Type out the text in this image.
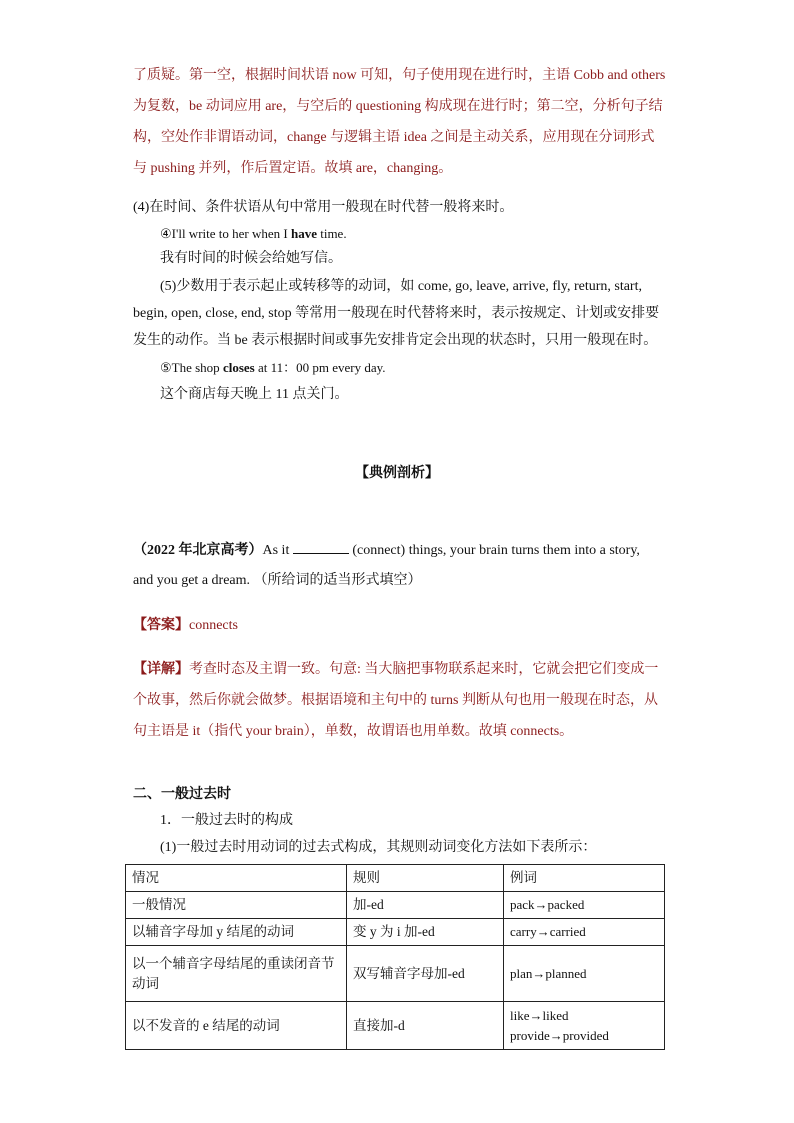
了质疑。第一空，根据时间状语 now 可知，句子使用现在进行时，主语 Cobb and others
为复数，be 动词应用 are，与空后的 questioning 构成现在进行时；第二空，分析句子结
构，空处作非谓语动词，change 与逻辑主语 idea 之间是主动关系，应用现在分词形式
与 pushing 并列，作后置定语。故填 are，changing。
(4)在时间、条件状语从句中常用一般现在时代替一般将来时。
④I'll write to her when I have time.
我有时间的时候会给她写信。
(5)少数用于表示起止或转移等的动词，如 come, go, leave, arrive, fly, return, start,
begin, open, close, end, stop 等常用一般现在时代替将来时，表示按规定、计划或安排要
发生的动作。当 be 表示根据时间或事先安排肯定会出现的状态时，只用一般现在时。
⑤The shop closes at 11：00 pm every day.
这个商店每天晚上 11 点关门。
【典例剖析】
（2022 年北京高考）As it	(connect) things, your brain turns them into a story,
and you get a dream. （所给词的适当形式填空）
【答案】connects
【详解】考查时态及主谓一致。句意: 当大脑把事物联系起来时，它就会把它们变成一
个故事，然后你就会做梦。根据语境和主句中的 turns 判断从句也用一般现在时态，从
句主语是 it（指代 your brain），单数，故谓语也用单数。故填 connects。
二、一般过去时
1．一般过去时的构成
(1)一般过去时用动词的过去式构成，其规则动词变化方法如下表所示：
情况	规则	例词
一般情况	加-ed	pack→packed
以辅音字母加 y 结尾的动词	变 y 为 i 加-ed	carry→carried
以一个辅音字母结尾的重读闭音节动词	双写辅音字母加-ed	plan→planned
以不发音的 e 结尾的动词	直接加-d	like→liked
provide→provided
